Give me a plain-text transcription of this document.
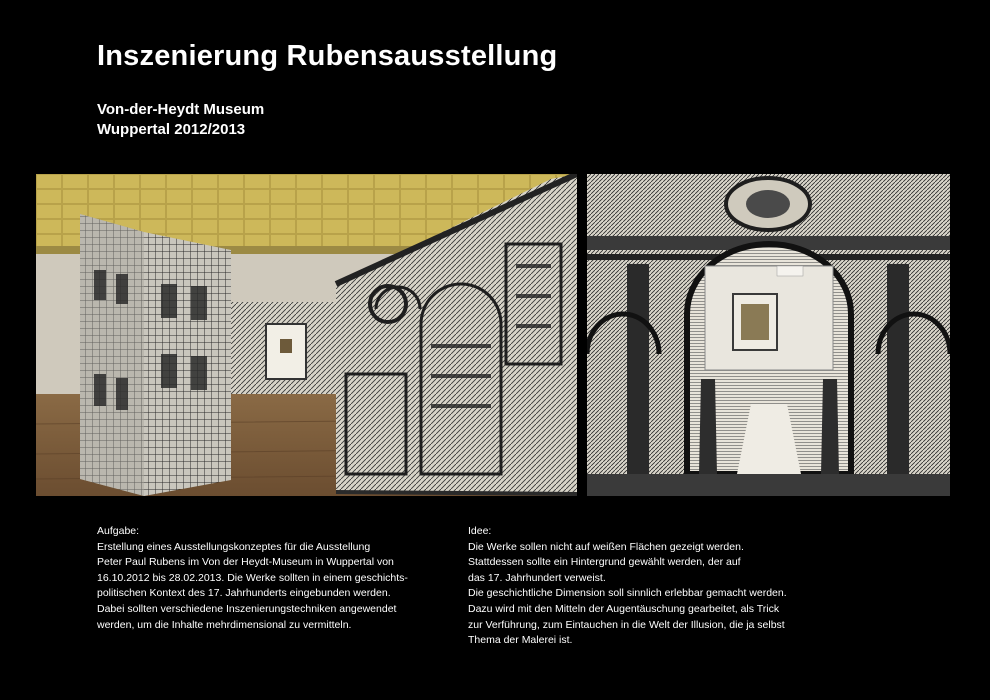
Inszenierung Rubensausstellung
Von-der-Heydt Museum
Wuppertal 2012/2013
Aufgabe:
Erstellung eines Ausstellungskonzeptes für die Ausstellung
Peter Paul Rubens im Von der Heydt-Museum in Wuppertal von
16.10.2012 bis 28.02.2013. Die Werke sollten in einem geschichts-
politischen Kontext des 17. Jahrhunderts eingebunden werden.
Dabei sollten verschiedene Inszenierungstechniken angewendet
werden, um die Inhalte mehrdimensional zu vermitteln.
Idee:
Die Werke sollen nicht auf weißen Flächen gezeigt werden.
Stattdessen sollte ein Hintergrund gewählt werden, der auf
das 17. Jahrhundert verweist.
Die geschichtliche Dimension soll sinnlich erlebbar gemacht werden.
Dazu wird mit den Mitteln der Augentäuschung gearbeitet, als Trick
zur Verführung, zum Eintauchen in die Welt der Illusion, die ja selbst
Thema der Malerei ist.
